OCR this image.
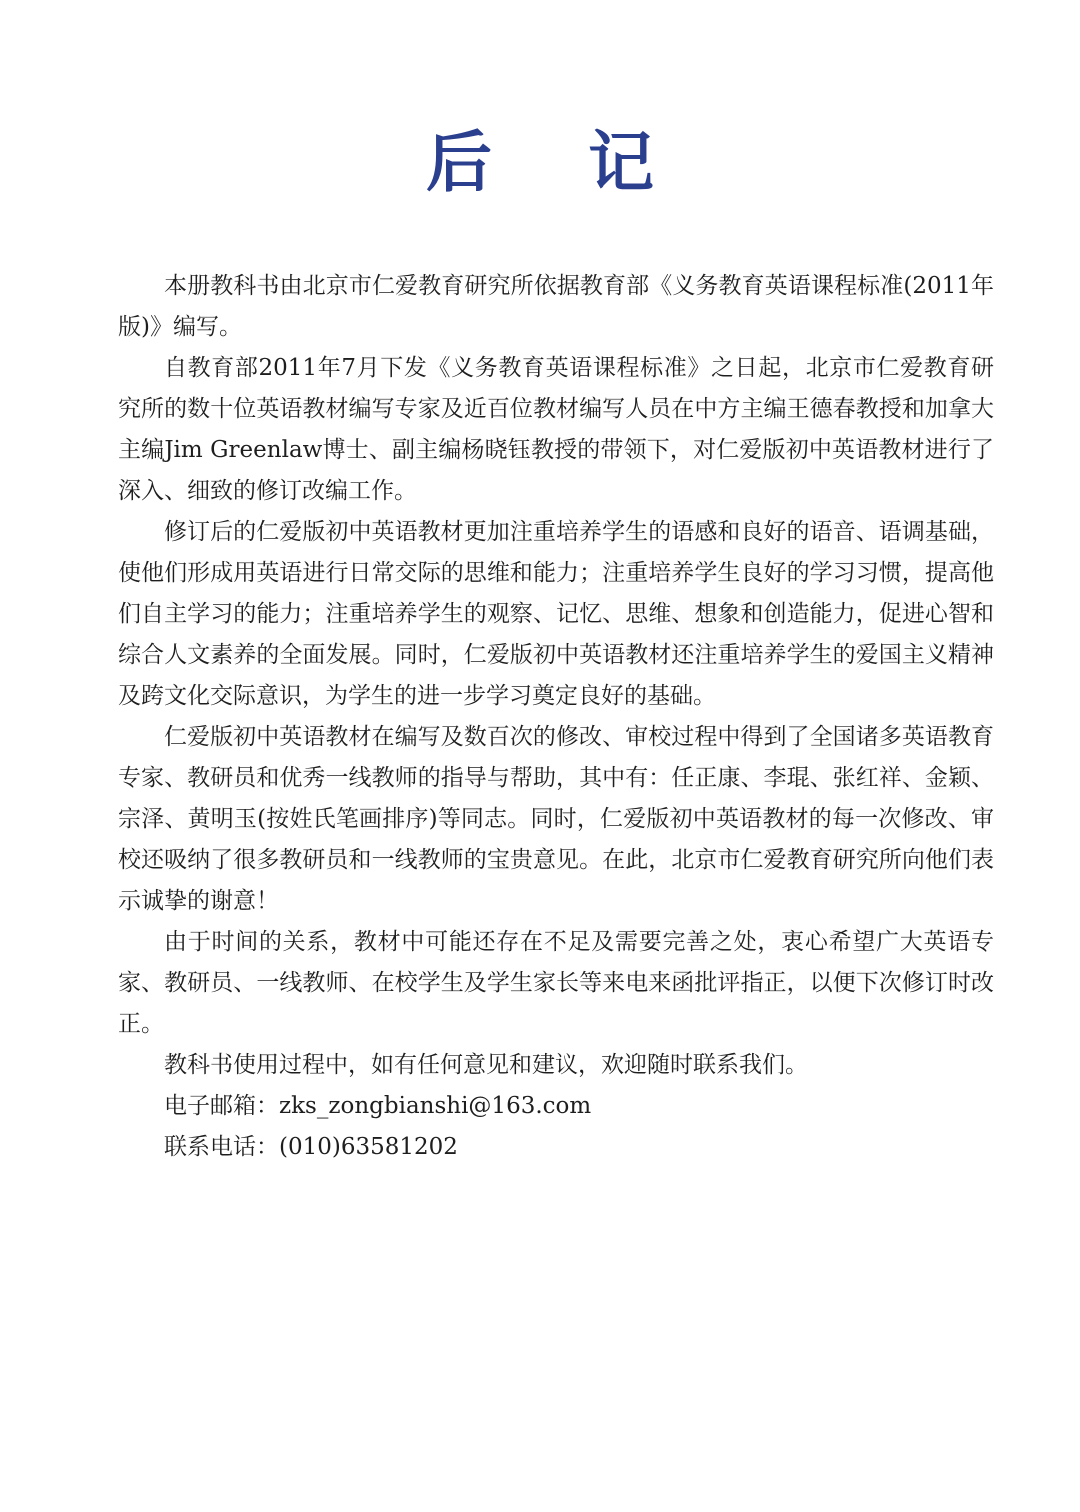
后记

本册教科书由北京市仁爱教育研究所依据教育部《义务教育英语课程标准(2011年版)》编写。

自教育部2011年7月下发《义务教育英语课程标准》之日起，北京市仁爱教育研究所的数十位英语教材编写专家及近百位教材编写人员在中方主编王德春教授和加拿大主编Jim Greenlaw博士、副主编杨晓钰教授的带领下，对仁爱版初中英语教材进行了深入、细致的修订改编工作。

修订后的仁爱版初中英语教材更加注重培养学生的语感和良好的语音、语调基础，使他们形成用英语进行日常交际的思维和能力；注重培养学生良好的学习习惯，提高他们自主学习的能力；注重培养学生的观察、记忆、思维、想象和创造能力，促进心智和综合人文素养的全面发展。同时，仁爱版初中英语教材还注重培养学生的爱国主义精神及跨文化交际意识，为学生的进一步学习奠定良好的基础。

仁爱版初中英语教材在编写及数百次的修改、审校过程中得到了全国诸多英语教育专家、教研员和优秀一线教师的指导与帮助，其中有：任正康、李琨、张红祥、金颖、宗泽、黄明玉(按姓氏笔画排序)等同志。同时，仁爱版初中英语教材的每一次修改、审校还吸纳了很多教研员和一线教师的宝贵意见。在此，北京市仁爱教育研究所向他们表示诚挚的谢意！

由于时间的关系，教材中可能还存在不足及需要完善之处，衷心希望广大英语专家、教研员、一线教师、在校学生及学生家长等来电来函批评指正，以便下次修订时改正。

教科书使用过程中，如有任何意见和建议，欢迎随时联系我们。

电子邮箱：zks_zongbianshi@163.com

联系电话：(010)63581202
